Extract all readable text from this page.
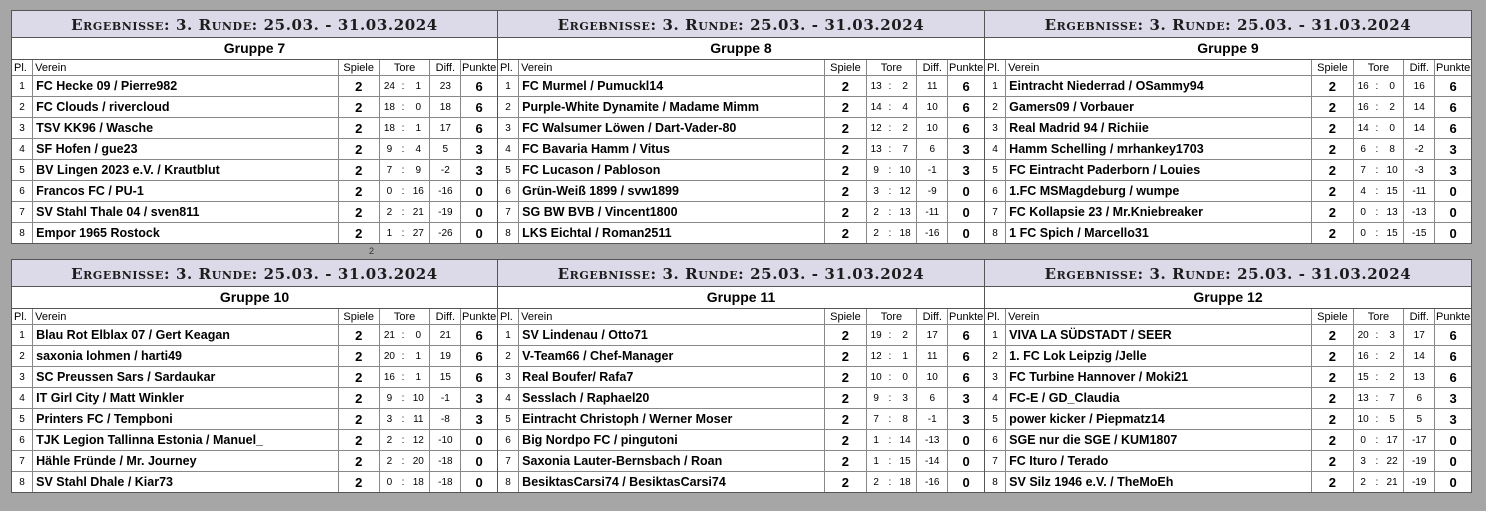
Ergebnisse: 3. Runde: 25.03. - 31.03.2024
Gruppe 7
Pl.	Verein	Spiele	Tore			Diff.	Punkte
1	FC Hecke 09 / Pierre982	2	24	:	1	23	6
2	FC Clouds / rivercloud	2	18	:	0	18	6
3	TSV KK96 / Wasche	2	18	:	1	17	6
4	SF Hofen / gue23	2	9	:	4	5	3
5	BV Lingen 2023 e.V. / Krautblut	2	7	:	9	-2	3
6	Francos FC / PU-1	2	0	:	16	-16	0
7	SV Stahl Thale 04 / sven811	2	2	:	21	-19	0
8	Empor 1965 Rostock	2	1	:	27	-26	0
Ergebnisse: 3. Runde: 25.03. - 31.03.2024
Gruppe 8
Pl.	Verein	Spiele	Tore			Diff.	Punkte
1	FC Murmel / Pumuckl14	2	13	:	2	11	6
2	Purple-White Dynamite / Madame Mimm	2	14	:	4	10	6
3	FC Walsumer Löwen / Dart-Vader-80	2	12	:	2	10	6
4	FC Bavaria Hamm / Vitus	2	13	:	7	6	3
5	FC Lucason / Pabloson	2	9	:	10	-1	3
6	Grün-Weiß 1899 / svw1899	2	3	:	12	-9	0
7	SG BW BVB / Vincent1800	2	2	:	13	-11	0
8	LKS Eichtal / Roman2511	2	2	:	18	-16	0
Ergebnisse: 3. Runde: 25.03. - 31.03.2024
Gruppe 9
Pl.	Verein	Spiele	Tore			Diff.	Punkte
1	Eintracht Niederrad / OSammy94	2	16	:	0	16	6
2	Gamers09 / Vorbauer	2	16	:	2	14	6
3	Real Madrid 94 / Richiie	2	14	:	0	14	6
4	Hamm Schelling / mrhankey1703	2	6	:	8	-2	3
5	FC Eintracht Paderborn / Louies	2	7	:	10	-3	3
6	1.FC MSMagdeburg / wumpe	2	4	:	15	-11	0
7	FC Kollapsie 23 / Mr.Kniebreaker	2	0	:	13	-13	0
8	1 FC Spich / Marcello31	2	0	:	15	-15	0
Ergebnisse: 3. Runde: 25.03. - 31.03.2024
Gruppe 10
Pl.	Verein	Spiele	Tore			Diff.	Punkte
1	Blau Rot Elblax 07 / Gert Keagan	2	21	:	0	21	6
2	saxonia lohmen / harti49	2	20	:	1	19	6
3	SC Preussen Sars / Sardaukar	2	16	:	1	15	6
4	IT Girl City / Matt Winkler	2	9	:	10	-1	3
5	Printers FC / Tempboni	2	3	:	11	-8	3
6	TJK Legion Tallinna Estonia / Manuel_	2	2	:	12	-10	0
7	Hähle Fründe / Mr. Journey	2	2	:	20	-18	0
8	SV Stahl Dhale / Kiar73	2	0	:	18	-18	0
Ergebnisse: 3. Runde: 25.03. - 31.03.2024
Gruppe 11
Pl.	Verein	Spiele	Tore			Diff.	Punkte
1	SV Lindenau / Otto71	2	19	:	2	17	6
2	V-Team66 / Chef-Manager	2	12	:	1	11	6
3	Real Boufer/ Rafa7	2	10	:	0	10	6
4	Sesslach / Raphael20	2	9	:	3	6	3
5	Eintracht Christoph / Werner Moser	2	7	:	8	-1	3
6	Big Nordpo FC / pingutoni	2	1	:	14	-13	0
7	Saxonia Lauter-Bernsbach / Roan	2	1	:	15	-14	0
8	BesiktasCarsi74 / BesiktasCarsi74	2	2	:	18	-16	0
Ergebnisse: 3. Runde: 25.03. - 31.03.2024
Gruppe 12
Pl.	Verein	Spiele	Tore			Diff.	Punkte
1	VIVA LA SÜDSTADT / SEER	2	20	:	3	17	6
2	1. FC Lok Leipzig /Jelle	2	16	:	2	14	6
3	FC Turbine Hannover / Moki21	2	15	:	2	13	6
4	FC-E / GD_Claudia	2	13	:	7	6	3
5	power kicker / Piepmatz14	2	10	:	5	5	3
6	SGE nur die SGE / KUM1807	2	0	:	17	-17	0
7	FC Ituro / Terado	2	3	:	22	-19	0
8	SV Silz 1946 e.V. / TheMoEh	2	2	:	21	-19	0
2
